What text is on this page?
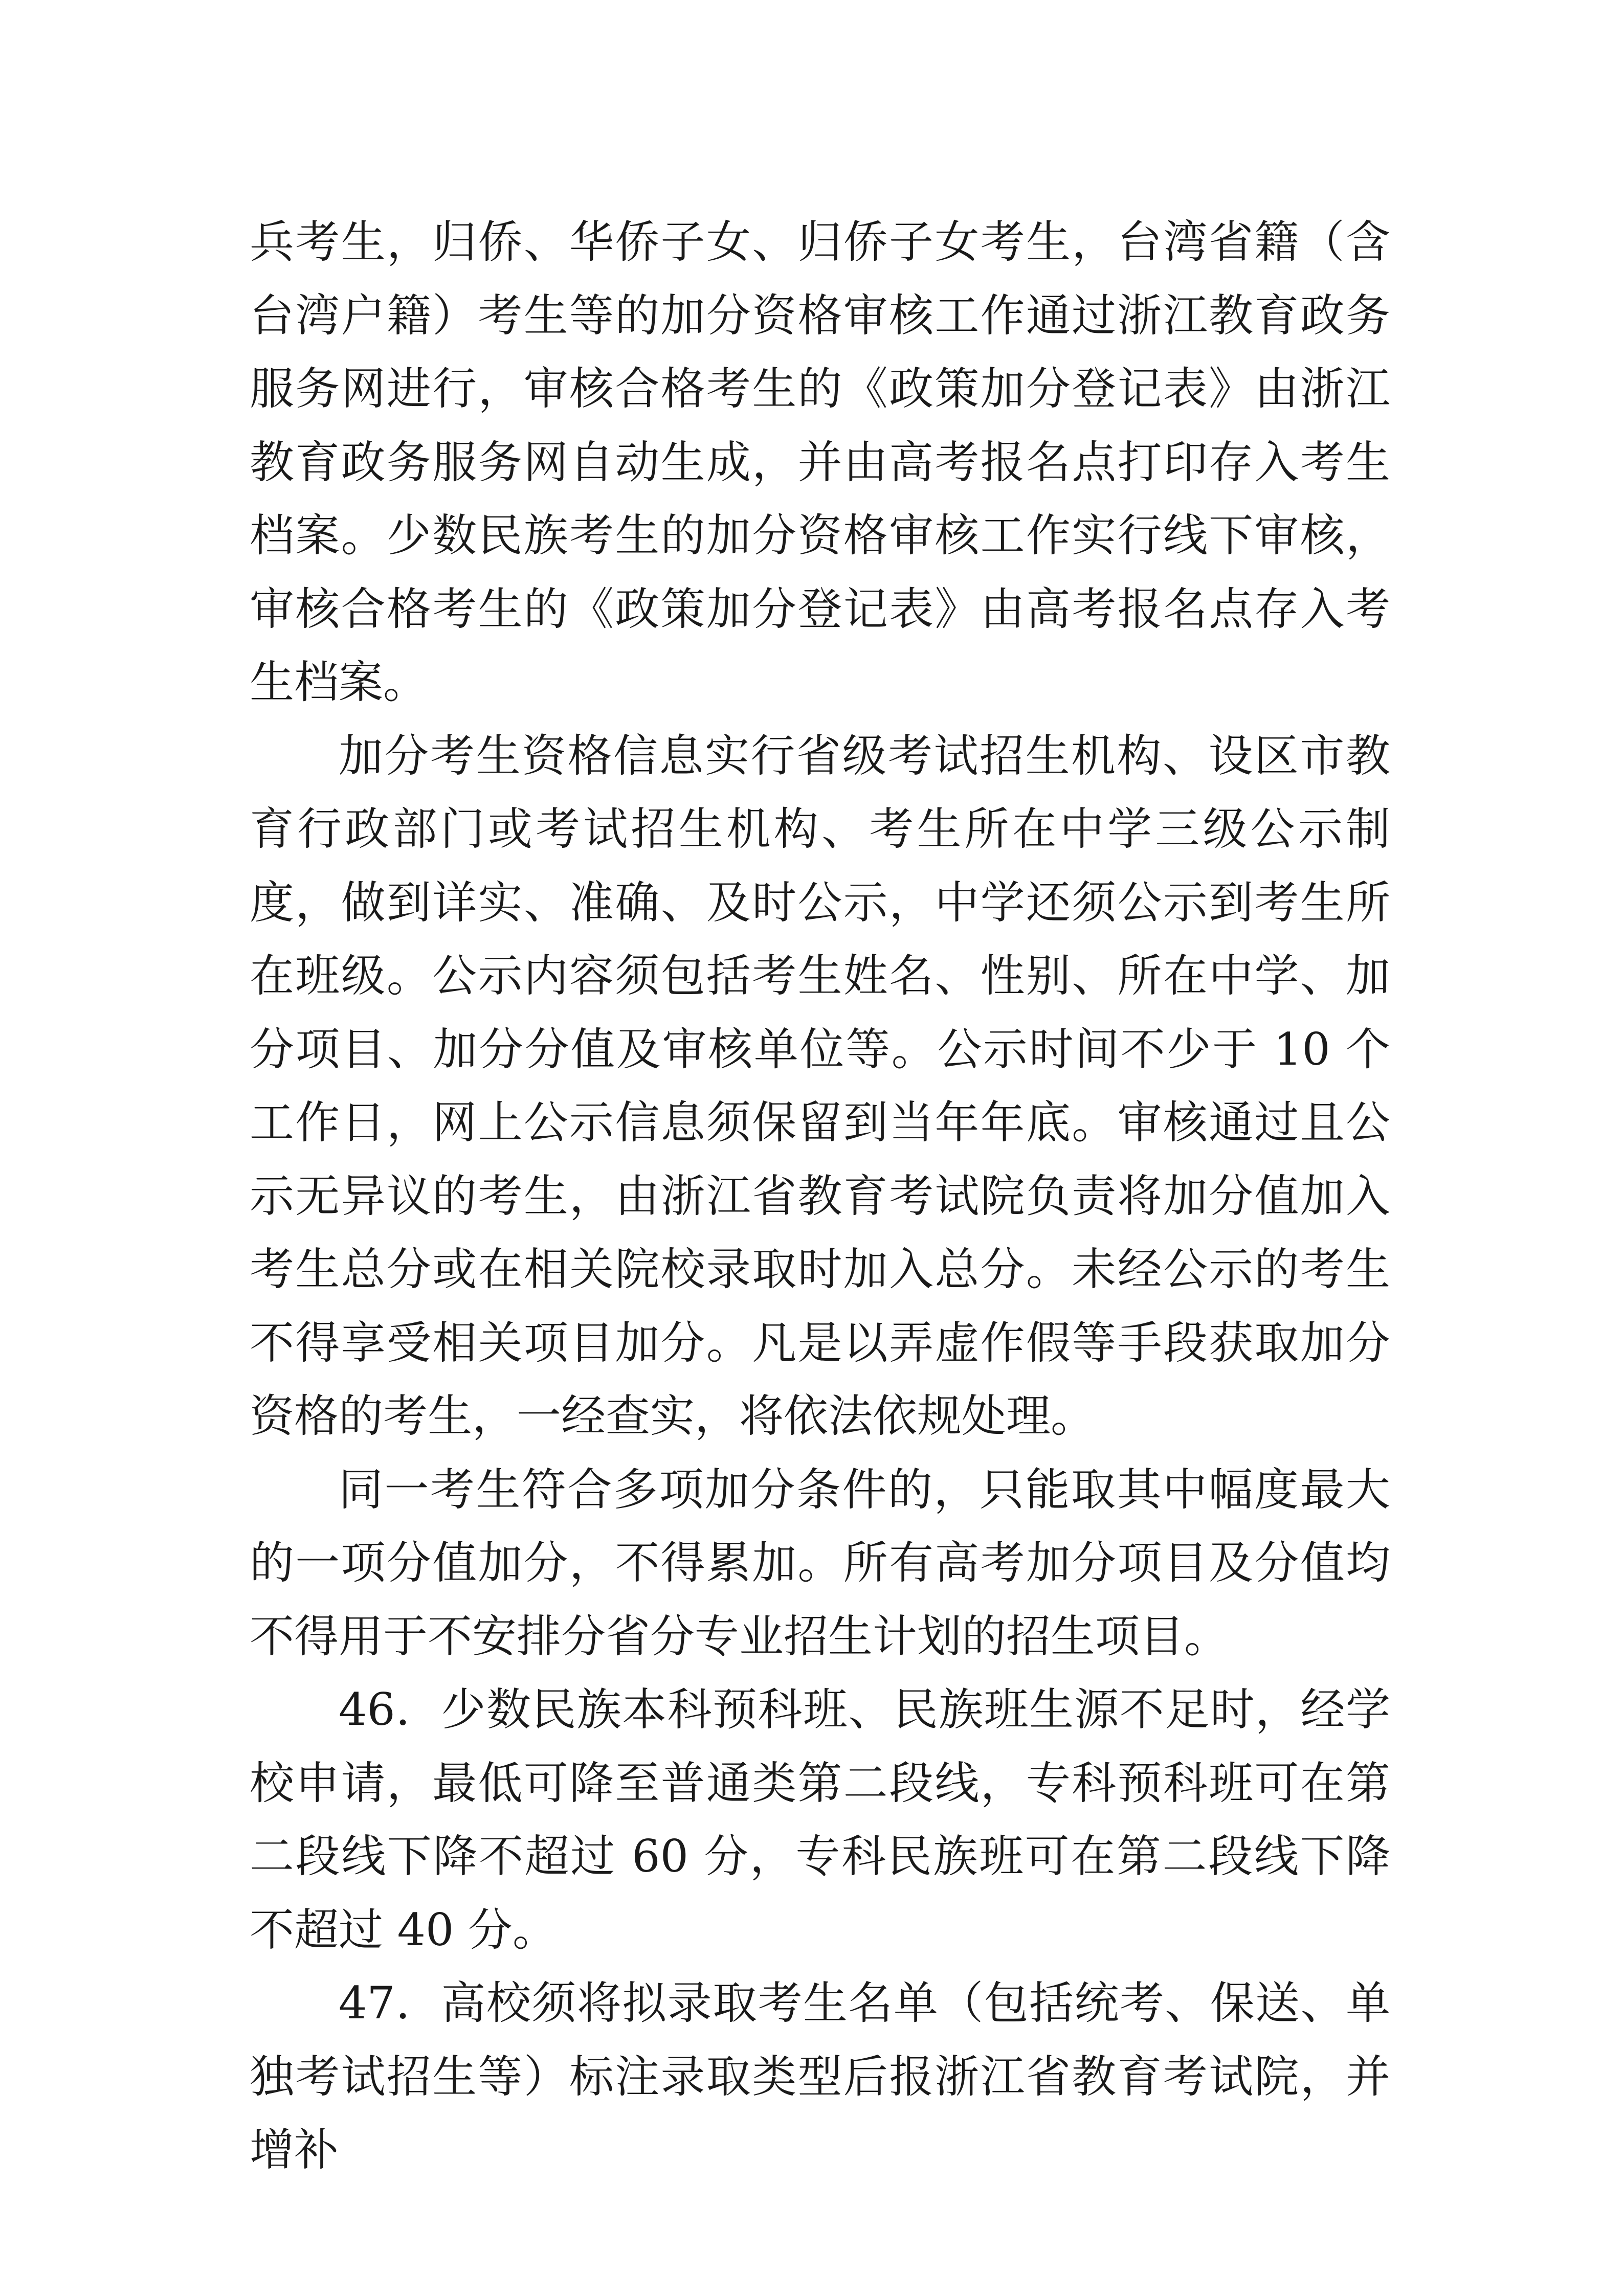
兵考生，归侨、华侨子女、归侨子女考生，台湾省籍（含台湾户籍）考生等的加分资格审核工作通过浙江教育政务服务网进行，审核合格考生的《政策加分登记表》由浙江教育政务服务网自动生成，并由高考报名点打印存入考生档案。少数民族考生的加分资格审核工作实行线下审核，审核合格考生的《政策加分登记表》由高考报名点存入考生档案。

加分考生资格信息实行省级考试招生机构、设区市教育行政部门或考试招生机构、考生所在中学三级公示制度，做到详实、准确、及时公示，中学还须公示到考生所在班级。公示内容须包括考生姓名、性别、所在中学、加分项目、加分分值及审核单位等。公示时间不少于 10 个工作日，网上公示信息须保留到当年年底。审核通过且公示无异议的考生，由浙江省教育考试院负责将加分值加入考生总分或在相关院校录取时加入总分。未经公示的考生不得享受相关项目加分。凡是以弄虚作假等手段获取加分资格的考生，一经查实，将依法依规处理。

同一考生符合多项加分条件的，只能取其中幅度最大的一项分值加分，不得累加。所有高考加分项目及分值均不得用于不安排分省分专业招生计划的招生项目。

46．少数民族本科预科班、民族班生源不足时，经学校申请，最低可降至普通类第二段线，专科预科班可在第二段线下降不超过 60 分，专科民族班可在第二段线下降不超过 40 分。

47．高校须将拟录取考生名单（包括统考、保送、单独考试招生等）标注录取类型后报浙江省教育考试院，并增补
